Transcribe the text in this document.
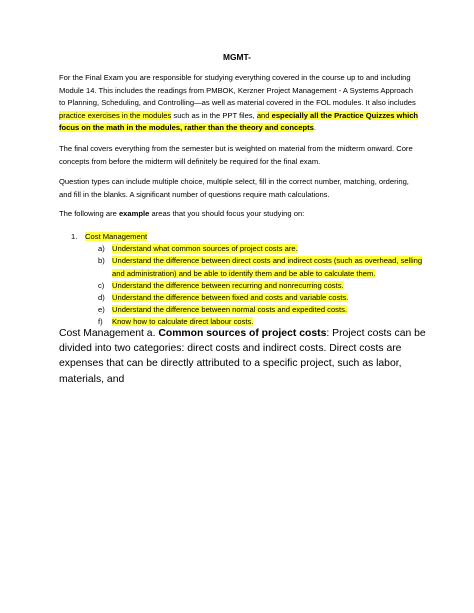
MGMT-
For the Final Exam you are responsible for studying everything covered in the course up to and including Module 14. This includes the readings from PMBOK, Kerzner Project Management - A Systems Approach to Planning, Scheduling, and Controlling—as well as material covered in the FOL modules. It also includes practice exercises in the modules such as in the PPT files, and especially all the Practice Quizzes which focus on the math in the modules, rather than the theory and concepts.
The final covers everything from the semester but is weighted on material from the midterm onward. Core concepts from before the midterm will definitely be required for the final exam.
Question types can include multiple choice, multiple select, fill in the correct number, matching, ordering, and fill in the blanks. A significant number of questions require math calculations.
The following are example areas that you should focus your studying on:
1. Cost Management
a) Understand what common sources of project costs are.
b) Understand the difference between direct costs and indirect costs (such as overhead, selling and administration) and be able to identify them and be able to calculate them.
c)	Understand the difference between recurring and nonrecurring costs.
d) Understand the difference between fixed and costs and variable costs.
e) Understand the difference between normal costs and expedited costs.
f)	Know how to calculate direct labour costs.
Cost Management a. Common sources of project costs: Project costs can be divided into two categories: direct costs and indirect costs. Direct costs are expenses that can be directly attributed to a specific project, such as labor, materials, and
